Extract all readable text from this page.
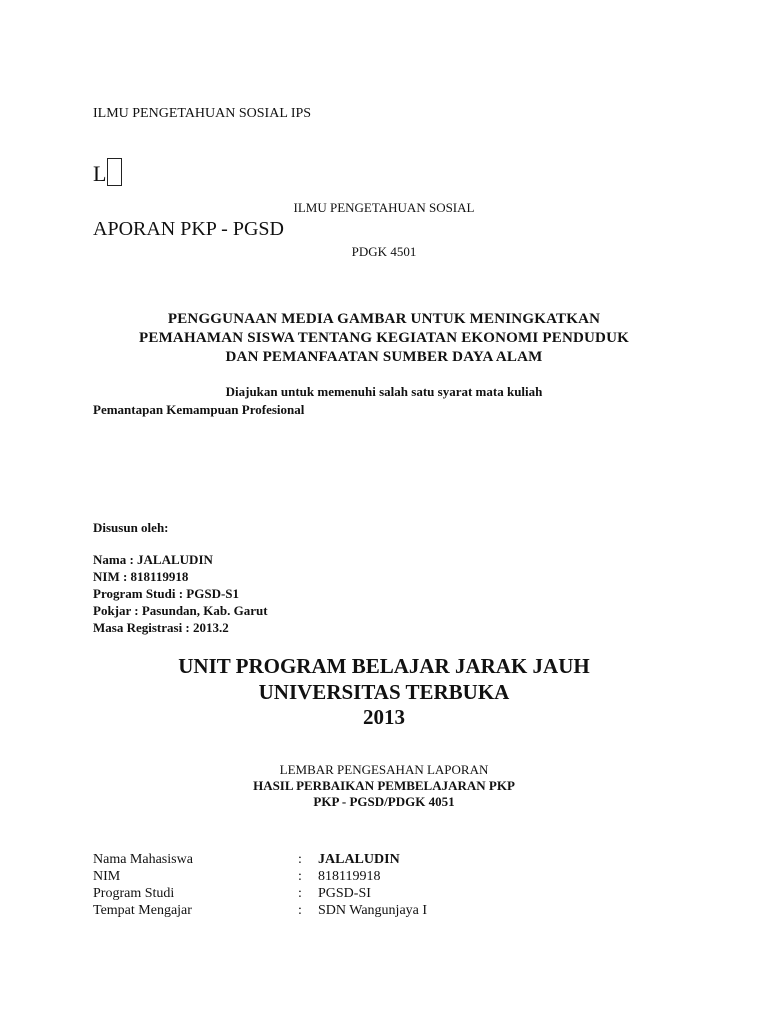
ILMU PENGETAHUAN SOSIAL IPS
L
ILMU PENGETAHUAN SOSIAL
APORAN PKP - PGSD
PDGK 4501
PENGGUNAAN MEDIA GAMBAR UNTUK MENINGKATKAN
PEMAHAMAN SISWA TENTANG KEGIATAN EKONOMI PENDUDUK
DAN PEMANFAATAN SUMBER DAYA ALAM
Diajukan untuk memenuhi salah satu syarat mata kuliah
Pemantapan Kemampuan Profesional
Disusun oleh:
Nama : JALALUDIN
NIM : 818119918
Program Studi : PGSD-S1
Pokjar : Pasundan, Kab. Garut
Masa Registrasi : 2013.2
UNIT PROGRAM BELAJAR JARAK JAUH
UNIVERSITAS TERBUKA
2013
LEMBAR PENGESAHAN LAPORAN
HASIL PERBAIKAN PEMBELAJARAN PKP
PKP - PGSD/PDGK 4051
Nama Mahasiswa	: JALALUDIN
NIM	: 818119918
Program Studi	: PGSD-SI
Tempat Mengajar	: SDN Wangunjaya I
